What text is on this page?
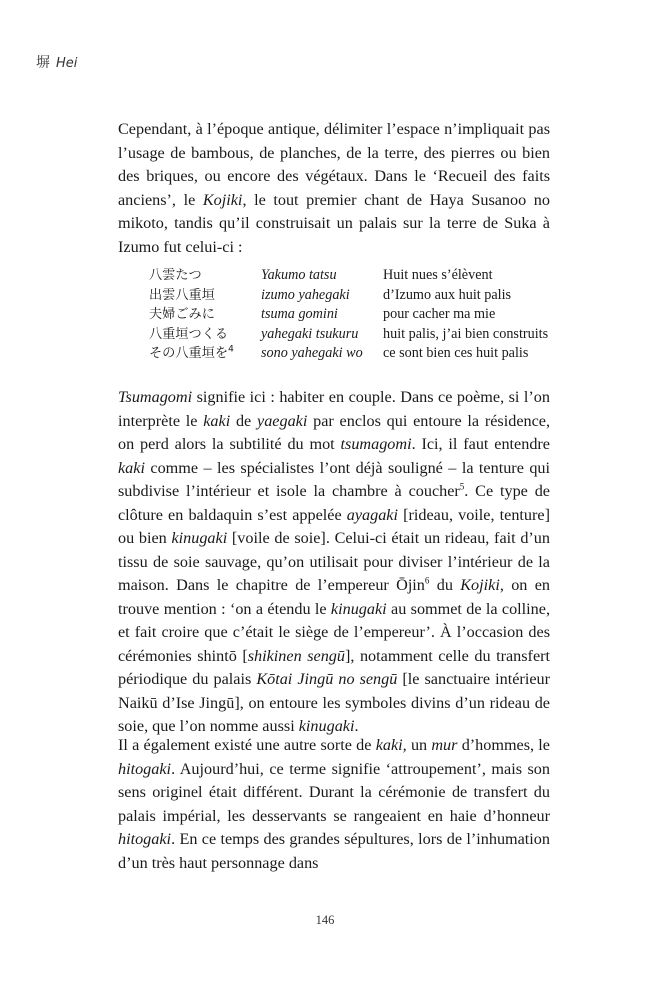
塀 Hei

Cependant, à l’époque antique, délimiter l’espace n’impliquait pas l’usage de bambous, de planches, de la terre, des pierres ou bien des briques, ou encore des végétaux. Dans le ‘Recueil des faits anciens’, le Kojiki, le tout premier chant de Haya Susanoo no mikoto, tandis qu’il construisait un palais sur la terre de Suka à Izumo fut celui-ci :

八雲たつ	Yakumo tatsu	Huit nues s’élèvent
出雲八重垣	izumo yahegaki	d’Izumo aux huit palis
夫婦ごみに	tsuma gomini	pour cacher ma mie
八重垣つくる	yahegaki tsukuru	huit palis, j’ai bien construits
その八重垣を$^4$	sono yahegaki wo	ce sont bien ces huit palis

Tsumagomi signifie ici : habiter en couple. Dans ce poème, si l’on interprète le kaki de yaegaki par enclos qui entoure la résidence, on perd alors la subtilité du mot tsumagomi. Ici, il faut entendre kaki comme – les spécialistes l’ont déjà souligné – la tenture qui subdivise l’intérieur et isole la chambre à coucher$^5$. Ce type de clôture en baldaquin s’est appelée ayagaki [rideau, voile, tenture] ou bien kinugaki [voile de soie]. Celui-ci était un rideau, fait d’un tissu de soie sauvage, qu’on utilisait pour diviser l’intérieur de la maison. Dans le chapitre de l’empereur Ōjin$^6$ du Kojiki, on en trouve mention : ‘on a étendu le kinugaki au sommet de la colline, et fait croire que c’était le siège de l’empereur’. À l’occasion des cérémonies shintō [shikinen sengū], notamment celle du transfert périodique du palais Kōtai Jingū no sengū [le sanctuaire intérieur Naikū d’Ise Jingū], on entoure les symboles divins d’un rideau de soie, que l’on nomme aussi kinugaki.

Il a également existé une autre sorte de kaki, un mur d’hommes, le hitogaki. Aujourd’hui, ce terme signifie ‘attroupement’, mais son sens originel était différent. Durant la cérémonie de transfert du palais impérial, les desservants se rangeaient en haie d’honneur hitogaki. En ce temps des grandes sépultures, lors de l’inhumation d’un très haut personnage dans

146
